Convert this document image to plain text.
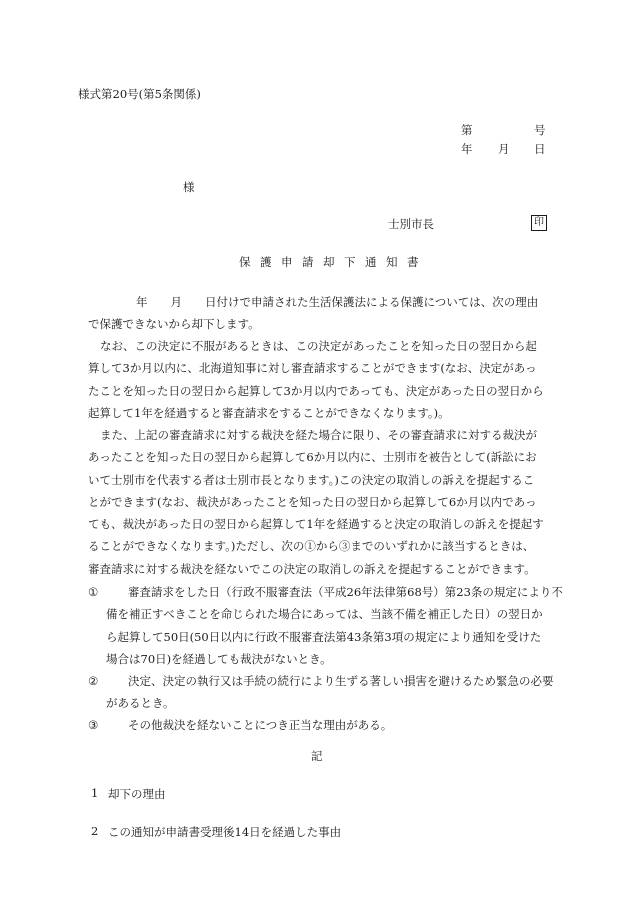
様式第20号(第5条関係)
第	号
年 月 日
様
士別市長	印
保護申請却下通知書
年　　月　　日付けで申請された生活保護法による保護については、次の理由
で保護できないから却下します。
なお、この決定に不服があるときは、この決定があったことを知った日の翌日から起
算して3か月以内に、北海道知事に対し審査請求することができます(なお、決定があっ
たことを知った日の翌日から起算して3か月以内であっても、決定があった日の翌日から
起算して1年を経過すると審査請求をすることができなくなります。)。
また、上記の審査請求に対する裁決を経た場合に限り、その審査請求に対する裁決が
あったことを知った日の翌日から起算して6か月以内に、士別市を被告として(訴訟にお
いて士別市を代表する者は士別市長となります。)この決定の取消しの訴えを提起するこ
とができます(なお、裁決があったことを知った日の翌日から起算して6か月以内であっ
ても、裁決があった日の翌日から起算して1年を経過すると決定の取消しの訴えを提起す
ることができなくなります。)ただし、次の①から③までのいずれかに該当するときは、
審査請求に対する裁決を経ないでこの決定の取消しの訴えを提起することができます。
①	審査請求をした日（行政不服審査法（平成26年法律第68号）第23条の規定により不
備を補正すべきことを命じられた場合にあっては、当該不備を補正した日）の翌日か
ら起算して50日(50日以内に行政不服審査法第43条第3項の規定により通知を受けた
場合は70日)を経過しても裁決がないとき。
②	決定、決定の執行又は手続の続行により生ずる著しい損害を避けるため緊急の必要
があるとき。
③	その他裁決を経ないことにつき正当な理由がある。
記
1 却下の理由
2 この通知が申請書受理後14日を経過した事由
